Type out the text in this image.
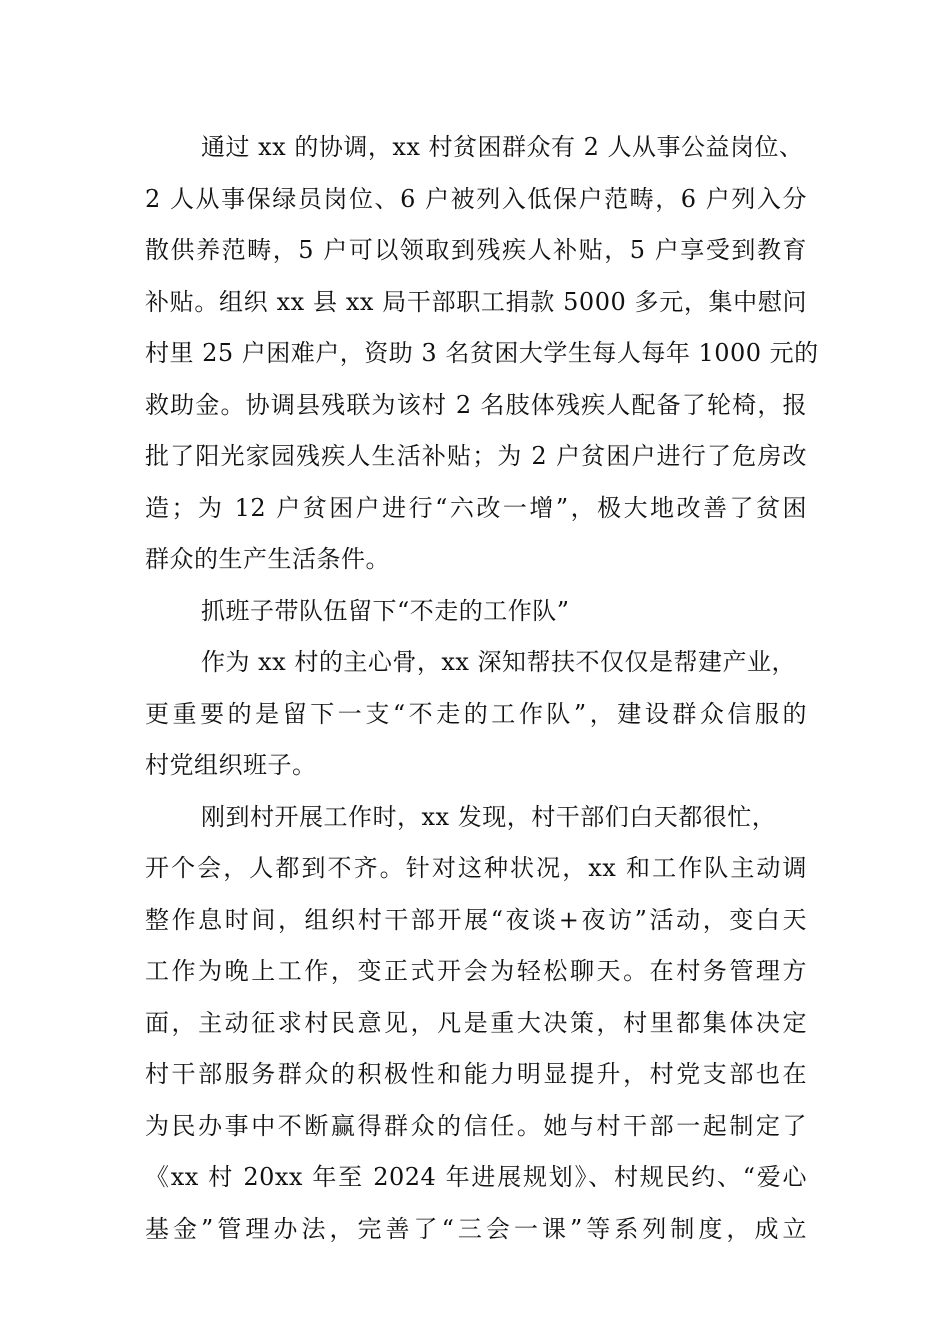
通过 xx 的协调，xx 村贫困群众有 2 人从事公益岗位、
2 人从事保绿员岗位、6 户被列入低保户范畴，6 户列入分
散供养范畴，5 户可以领取到残疾人补贴，5 户享受到教育
补贴。组织 xx 县 xx 局干部职工捐款 5000 多元，集中慰问
村里 25 户困难户，资助 3 名贫困大学生每人每年 1000 元的
救助金。协调县残联为该村 2 名肢体残疾人配备了轮椅，报
批了阳光家园残疾人生活补贴；为 2 户贫困户进行了危房改
造；为 12 户贫困户进行“六改一增”，极大地改善了贫困
群众的生产生活条件。
抓班子带队伍留下“不走的工作队”
作为 xx 村的主心骨，xx 深知帮扶不仅仅是帮建产业，
更重要的是留下一支“不走的工作队”，建设群众信服的
村党组织班子。
刚到村开展工作时，xx 发现，村干部们白天都很忙，
开个会，人都到不齐。针对这种状况，xx 和工作队主动调
整作息时间，组织村干部开展“夜谈+夜访”活动，变白天
工作为晚上工作，变正式开会为轻松聊天。在村务管理方
面，主动征求村民意见，凡是重大决策，村里都集体决定
村干部服务群众的积极性和能力明显提升，村党支部也在
为民办事中不断赢得群众的信任。她与村干部一起制定了
《xx 村 20xx 年至 2024 年进展规划》、村规民约、“爱心
基金”管理办法，完善了“三会一课”等系列制度，成立
